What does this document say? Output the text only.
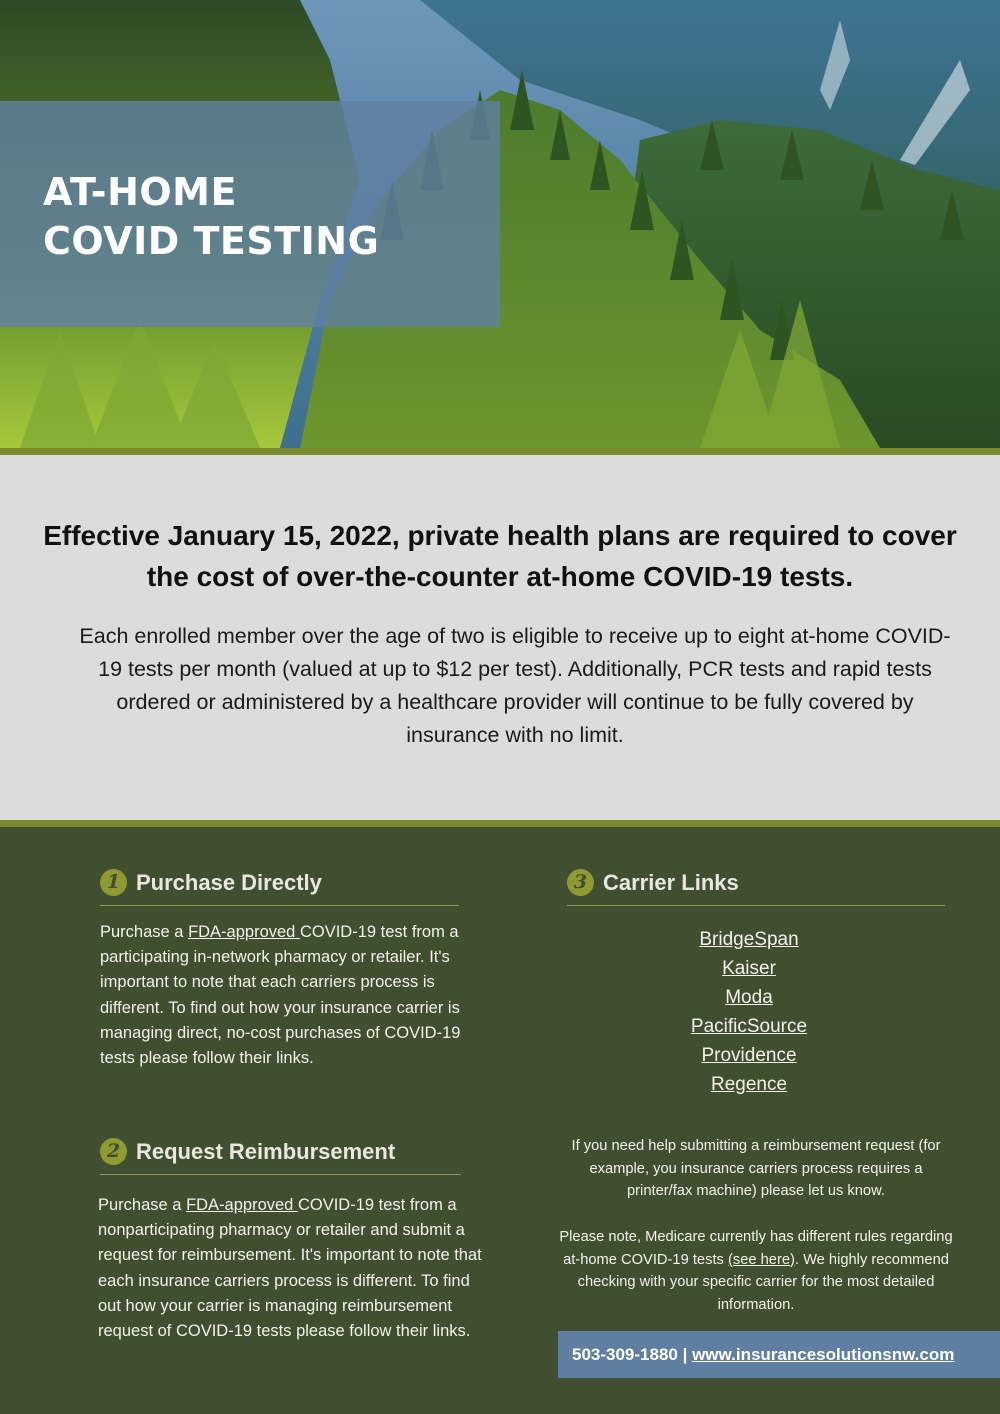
AT-HOME
COVID TESTING
Effective January 15, 2022, private health plans are required to cover the cost of over-the-counter at-home COVID-19 tests.
Each enrolled member over the age of two is eligible to receive up to eight at-home COVID-19 tests per month (valued at up to $12 per test). Additionally, PCR tests and rapid tests ordered or administered by a healthcare provider will continue to be fully covered by insurance with no limit.
1 Purchase Directly
Purchase a FDA-approved COVID-19 test from a participating in-network pharmacy or retailer. It's important to note that each carriers process is different. To find out how your insurance carrier is managing direct, no-cost purchases of COVID-19 tests please follow their links.
2 Request Reimbursement
Purchase a FDA-approved COVID-19 test from a nonparticipating pharmacy or retailer and submit a request for reimbursement. It's important to note that each insurance carriers process is different. To find out how your carrier is managing reimbursement request of COVID-19 tests please follow their links.
3 Carrier Links
BridgeSpan
Kaiser
Moda
PacificSource
Providence
Regence
If you need help submitting a reimbursement request (for example, you insurance carriers process requires a printer/fax machine) please let us know.
Please note, Medicare currently has different rules regarding at-home COVID-19 tests (see here). We highly recommend checking with your specific carrier for the most detailed information.
503-309-1880 | www.insurancesolutionsnw.com
